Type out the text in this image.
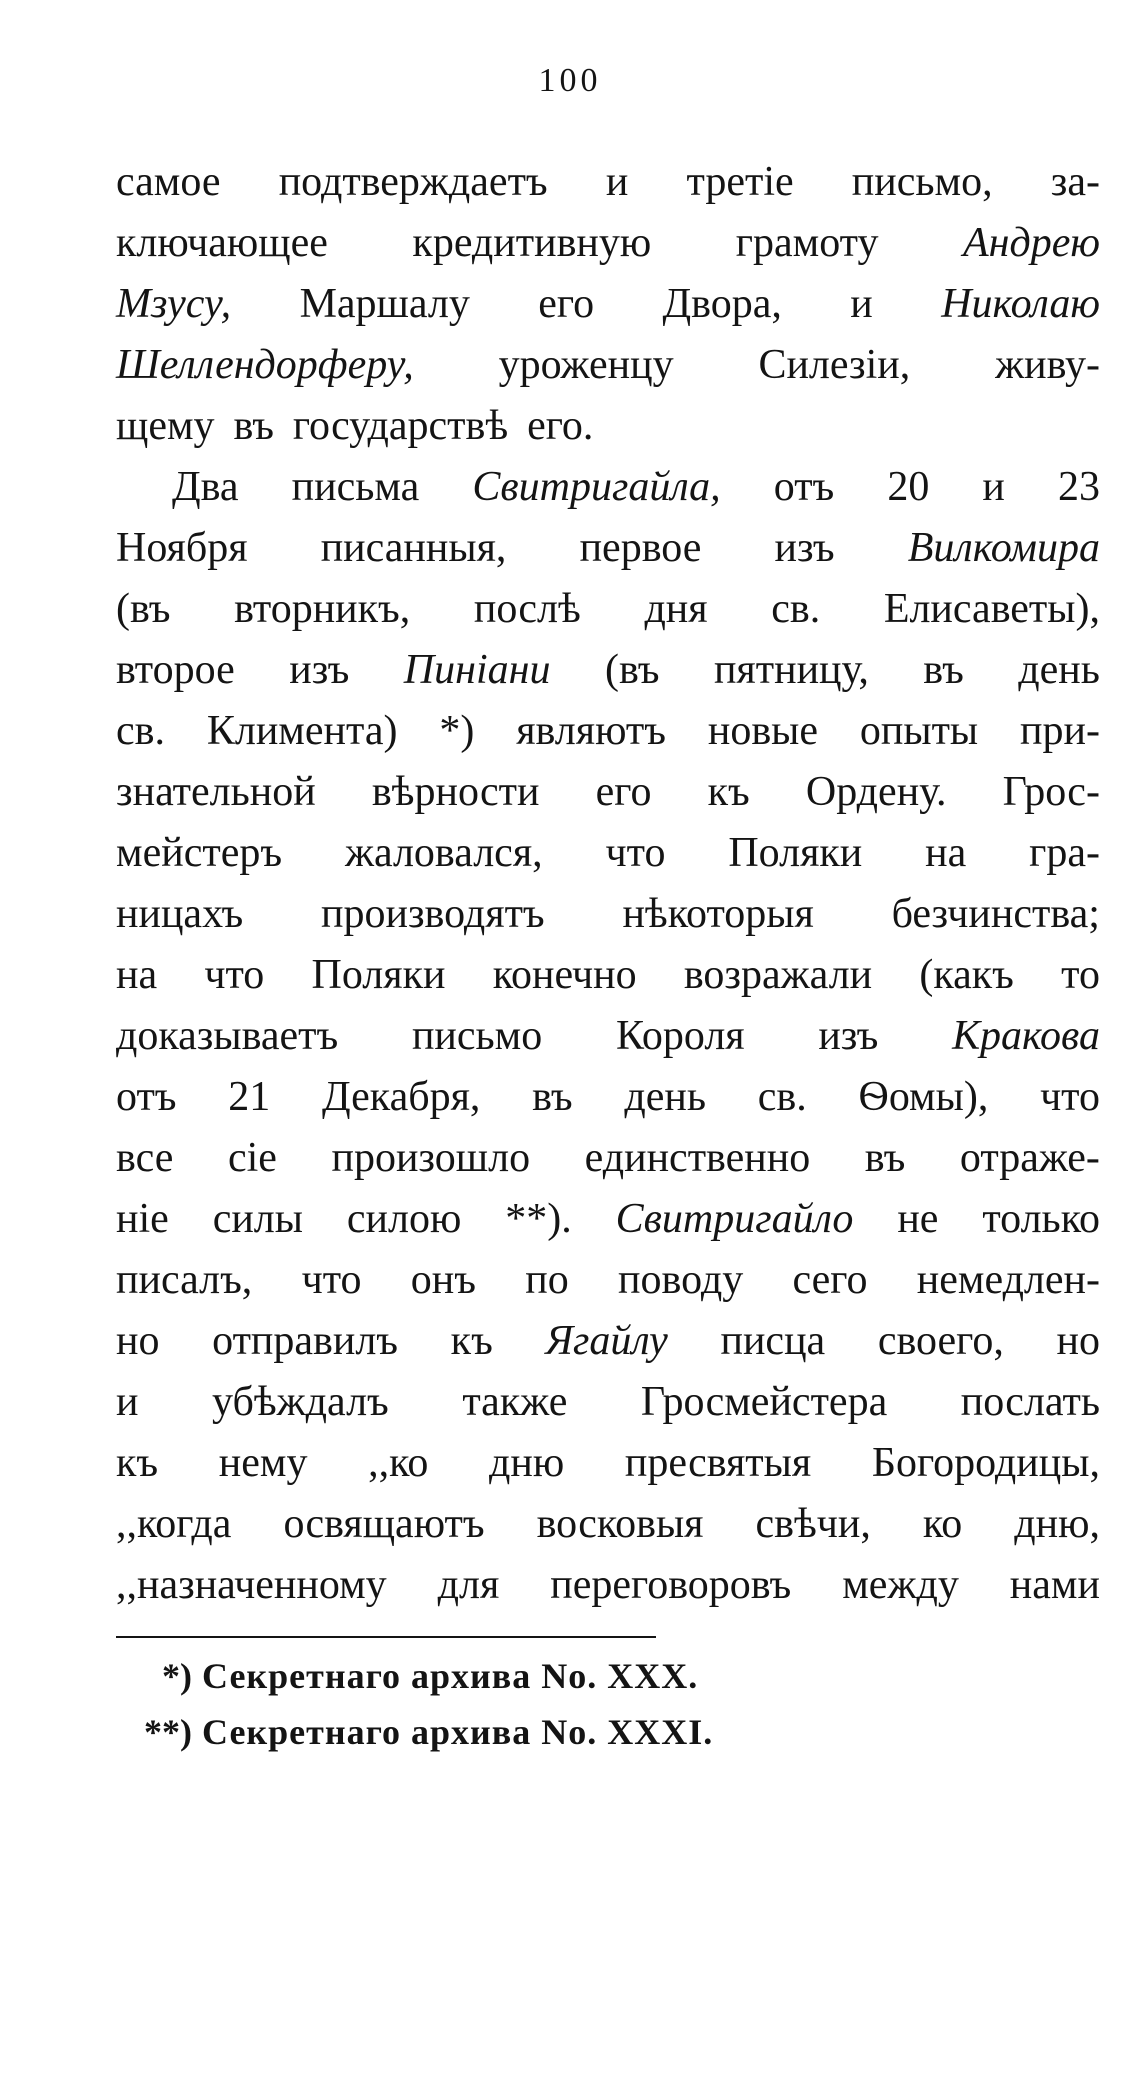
100
самое подтверждаетъ и третіе письмо, за-
ключающее кредитивную грамоту Андрею
Мзусу, Маршалу его Двора, и Николаю
Шеллендорферу, уроженцу Силезіи, живу-
щему въ государствѣ его.
Два письма Свитригайла, отъ 20 и 23
Ноября писанныя, первое изъ Вилкомира
(въ вторникъ, послѣ дня св. Елисаветы),
второе изъ Пиніани (въ пятницу, въ день
св. Климента) *) являютъ новые опыты при-
знательной вѣрности его къ Ордену. Грос-
мейстеръ жаловался, что Поляки на гра-
ницахъ производятъ нѣкоторыя безчинства;
на что Поляки конечно возражали (какъ то
доказываетъ письмо Короля изъ Кракова
отъ 21 Декабря, въ день св. Ѳомы), что
все сіе произошло единственно въ отраже-
ніе силы силою **). Свитригайло не только
писалъ, что онъ по поводу сего немедлен-
но отправилъ къ Ягайлу писца своего, но
и убѣждалъ также Гросмейстера послать
къ нему ,,ко дню пресвятыя Богородицы,
,,когда освящаютъ восковыя свѣчи, ко дню,
,,назначенному для переговоровъ между нами
*) Секретнаго архива No. XXX.
**) Секретнаго архива No. XXXI.
